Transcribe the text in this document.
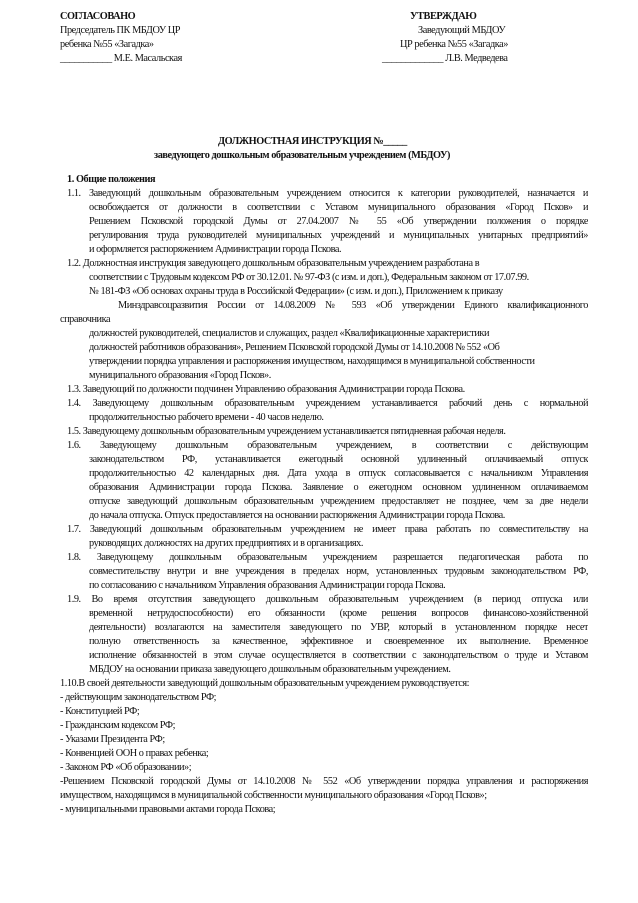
СОГЛАСОВАНО
Председатель ПК МБДОУ ЦР
ребенка №55 «Загадка»
___________ М.Е. Масальская
УТВЕРЖДАЮ
Заведующий МБДОУ
ЦР ребенка №55 «Загадка»
_____________ Л.В. Медведева
ДОЛЖНОСТНАЯ ИНСТРУКЦИЯ №_____
заведующего дошкольным образовательным учреждением (МБДОУ)
1. Общие положения
1.1. Заведующий дошкольным образовательным учреждением относится к категории руководителей, назначается и
освобождается от должности в соответствии с Уставом муниципального образования «Город Псков» и
Решением Псковской городской Думы от 27.04.2007 № 55 «Об утверждении положения о порядке
регулирования труда руководителей муниципальных учреждений и муниципальных унитарных предприятий»
и оформляется распоряжением Администрации города Пскова.
1.2. Должностная инструкция заведующего дошкольным образовательным учреждением разработана в
соответствии с Трудовым кодексом РФ от 30.12.01. № 97-ФЗ (с изм. и доп.), Федеральным законом от 17.07.99.
№ 181-ФЗ «Об основах охраны труда в Российской Федерации» (с изм. и доп.), Приложением к приказу
Минздравсоцразвития России от 14.08.2009 № 593 «Об утверждении Единого квалификационного
справочника
должностей руководителей, специалистов и служащих, раздел «Квалификационные характеристики
должностей работников образования», Решением Псковской городской Думы от 14.10.2008 № 552 «Об
утверждении порядка управления и распоряжения имуществом, находящимся в муниципальной собственности
муниципального образования «Город Псков».
1.3. Заведующий по должности подчинен Управлению образования Администрации города Пскова.
1.4. Заведующему дошкольным образовательным учреждением устанавливается рабочий день с нормальной
продолжительностью рабочего времени - 40 часов неделю.
1.5. Заведующему дошкольным образовательным учреждением устанавливается пятидневная рабочая неделя.
1.6. Заведующему дошкольным образовательным учреждением, в соответствии с действующим
законодательством РФ, устанавливается ежегодный основной удлиненный оплачиваемый отпуск
продолжительностью 42 календарных дня. Дата ухода в отпуск согласовывается с начальником Управления
образования Администрации города Пскова. Заявление о ежегодном основном удлиненном оплачиваемом
отпуске заведующий дошкольным образовательным учреждением предоставляет не позднее, чем за две недели
до начала отпуска. Отпуск предоставляется на основании распоряжения Администрации города Пскова.
1.7. Заведующий дошкольным образовательным учреждением не имеет права работать по совместительству на
руководящих должностях на других предприятиях и в организациях.
1.8. Заведующему дошкольным образовательным учреждением разрешается педагогическая работа по
совместительству внутри и вне учреждения в пределах норм, установленных трудовым законодательством РФ,
по согласованию с начальником Управления образования Администрации города Пскова.
1.9. Во время отсутствия заведующего дошкольным образовательным учреждением (в период отпуска или
временной нетрудоспособности) его обязанности (кроме решения вопросов финансово-хозяйственной
деятельности) возлагаются на заместителя заведующего по УВР, который в установленном порядке несет
полную ответственность за качественное, эффективное и своевременное их выполнение. Временное
исполнение обязанностей в этом случае осуществляется в соответствии с законодательством о труде и Уставом
МБДОУ на основании приказа заведующего дошкольным образовательным учреждением.
1.10.В своей деятельности заведующий дошкольным образовательным учреждением руководствуется:
- действующим законодательством РФ;
- Конституцией РФ;
- Гражданским кодексом РФ;
- Указами Президента РФ;
- Конвенцией ООН о правах ребенка;
- Законом РФ «Об образовании»;
-Решением Псковской городской Думы от 14.10.2008 № 552 «Об утверждении порядка управления и распоряжения
имуществом, находящимся в муниципальной собственности муниципального образования «Город Псков»;
- муниципальными правовыми актами города Пскова;
